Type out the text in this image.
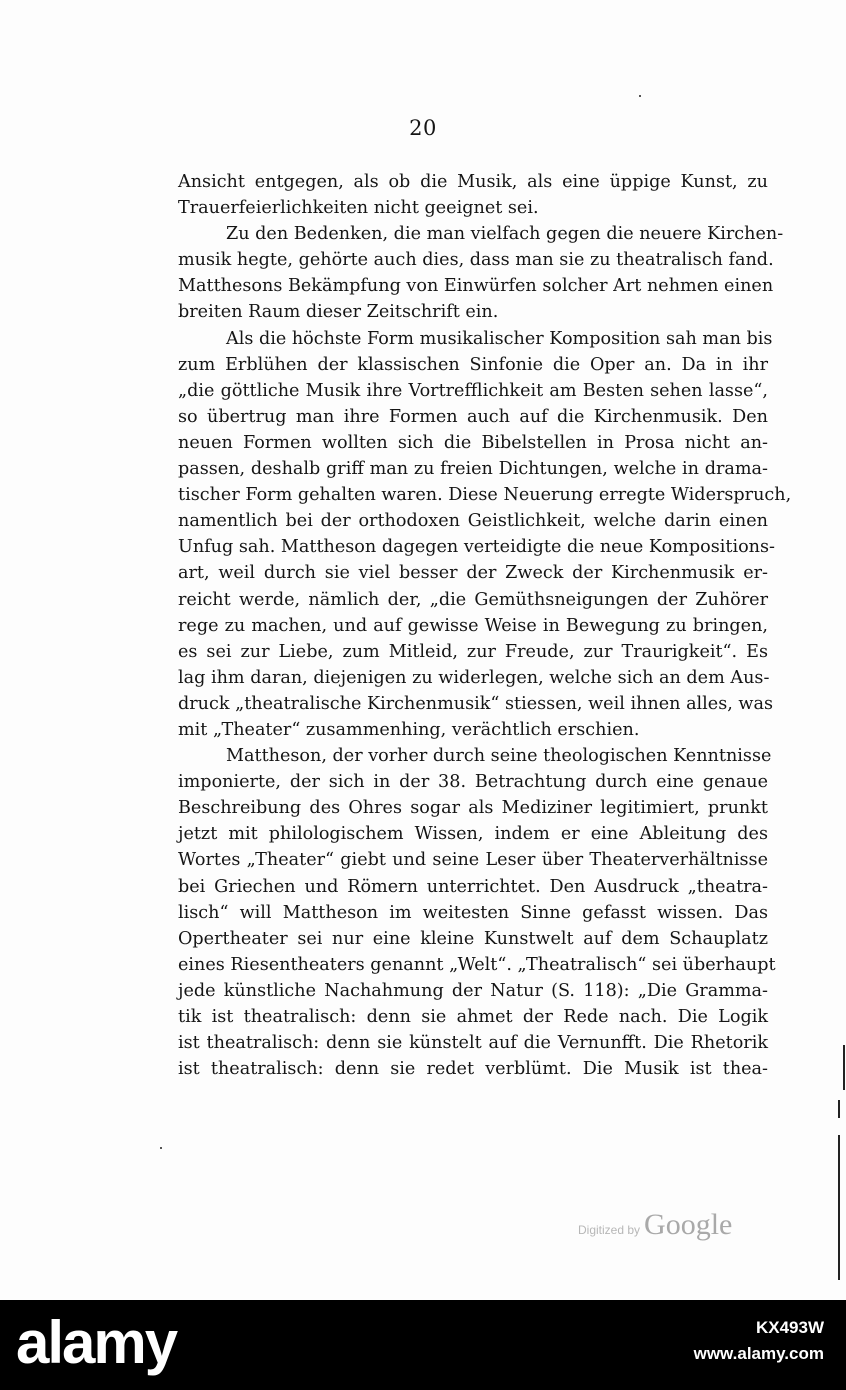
20
Ansicht entgegen, als ob die Musik, als eine üppige Kunst, zu
Trauerfeierlichkeiten nicht geeignet sei.
Zu den Bedenken, die man vielfach gegen die neuere Kirchen-
musik hegte, gehörte auch dies, dass man sie zu theatralisch fand.
Matthesons Bekämpfung von Einwürfen solcher Art nehmen einen
breiten Raum dieser Zeitschrift ein.
Als die höchste Form musikalischer Komposition sah man bis
zum Erblühen der klassischen Sinfonie die Oper an. Da in ihr
„die göttliche Musik ihre Vortrefflichkeit am Besten sehen lasse“,
so übertrug man ihre Formen auch auf die Kirchenmusik. Den
neuen Formen wollten sich die Bibelstellen in Prosa nicht an-
passen, deshalb griff man zu freien Dichtungen, welche in drama-
tischer Form gehalten waren. Diese Neuerung erregte Widerspruch,
namentlich bei der orthodoxen Geistlichkeit, welche darin einen
Unfug sah. Mattheson dagegen verteidigte die neue Kompositions-
art, weil durch sie viel besser der Zweck der Kirchenmusik er-
reicht werde, nämlich der, „die Gemüthsneigungen der Zuhörer
rege zu machen, und auf gewisse Weise in Bewegung zu bringen,
es sei zur Liebe, zum Mitleid, zur Freude, zur Traurigkeit“. Es
lag ihm daran, diejenigen zu widerlegen, welche sich an dem Aus-
druck „theatralische Kirchenmusik“ stiessen, weil ihnen alles, was
mit „Theater“ zusammenhing, verächtlich erschien.
Mattheson, der vorher durch seine theologischen Kenntnisse
imponierte, der sich in der 38. Betrachtung durch eine genaue
Beschreibung des Ohres sogar als Mediziner legitimiert, prunkt
jetzt mit philologischem Wissen, indem er eine Ableitung des
Wortes „Theater“ giebt und seine Leser über Theaterverhältnisse
bei Griechen und Römern unterrichtet. Den Ausdruck „theatra-
lisch“ will Mattheson im weitesten Sinne gefasst wissen. Das
Opertheater sei nur eine kleine Kunstwelt auf dem Schauplatz
eines Riesentheaters genannt „Welt“. „Theatralisch“ sei überhaupt
jede künstliche Nachahmung der Natur (S. 118): „Die Gramma-
tik ist theatralisch: denn sie ahmet der Rede nach. Die Logik
ist theatralisch: denn sie künstelt auf die Vernunfft. Die Rhetorik
ist theatralisch: denn sie redet verblümt. Die Musik ist thea-
Digitized by Google
alamy	KX493W
www.alamy.com
